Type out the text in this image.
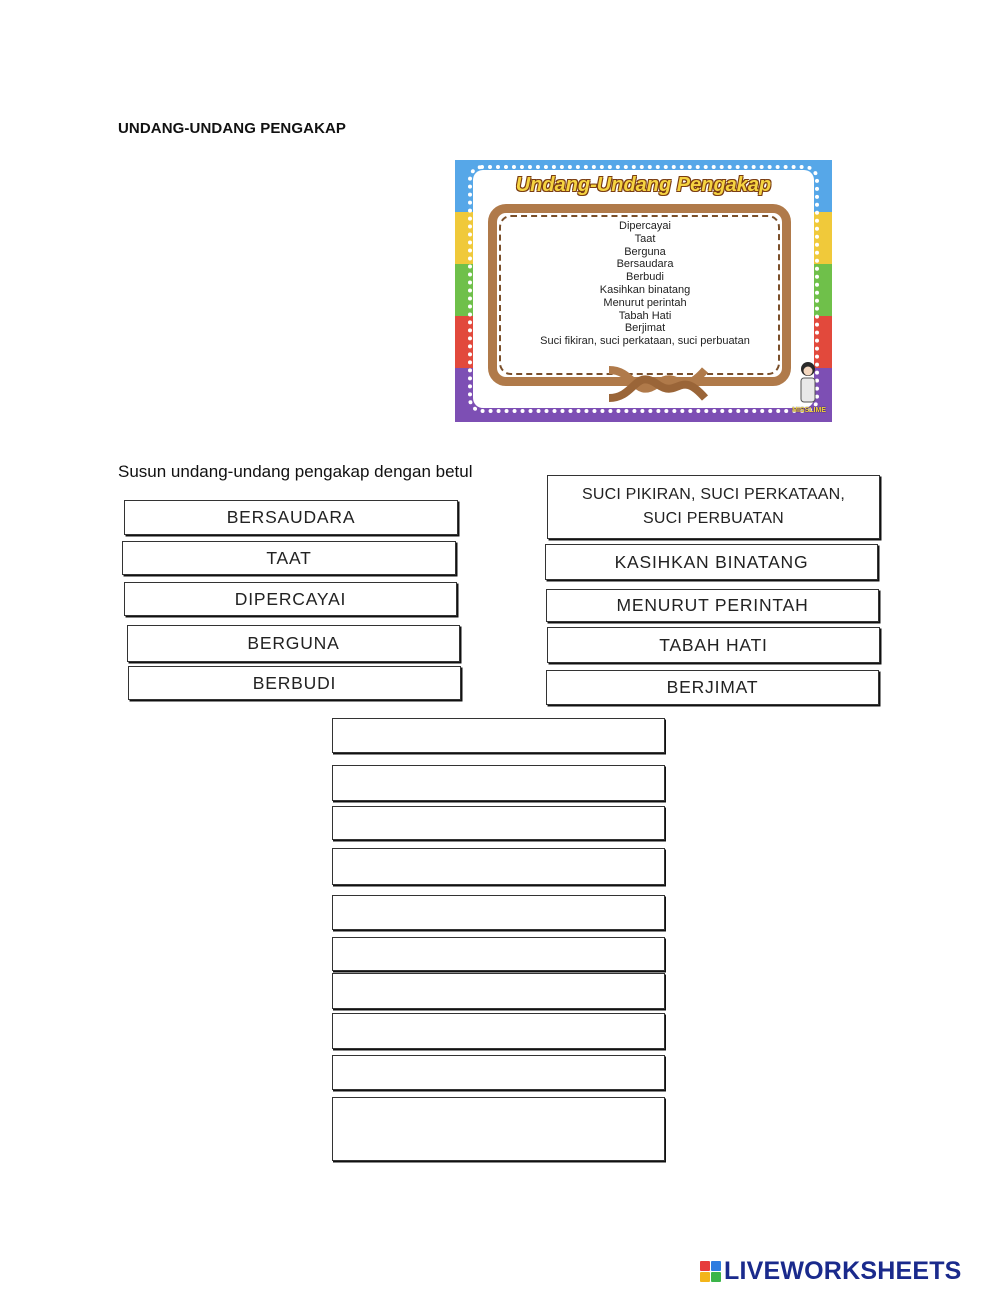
UNDANG-UNDANG PENGAKAP
Undang-Undang Pengakap
Dipercayai
Taat
Berguna
Bersaudara
Berbudi
Kasihkan binatang
Menurut perintah
Tabah Hati
Berjimat
Suci fikiran, suci perkataan, suci perbuatan
MISSLIME
Susun undang-undang pengakap dengan betul
BERSAUDARA
TAAT
DIPERCAYAI
BERGUNA
BERBUDI
SUCI PIKIRAN, SUCI PERKATAAN, SUCI PERBUATAN
KASIHKAN BINATANG
MENURUT PERINTAH
TABAH HATI
BERJIMAT
LIVEWORKSHEETS
